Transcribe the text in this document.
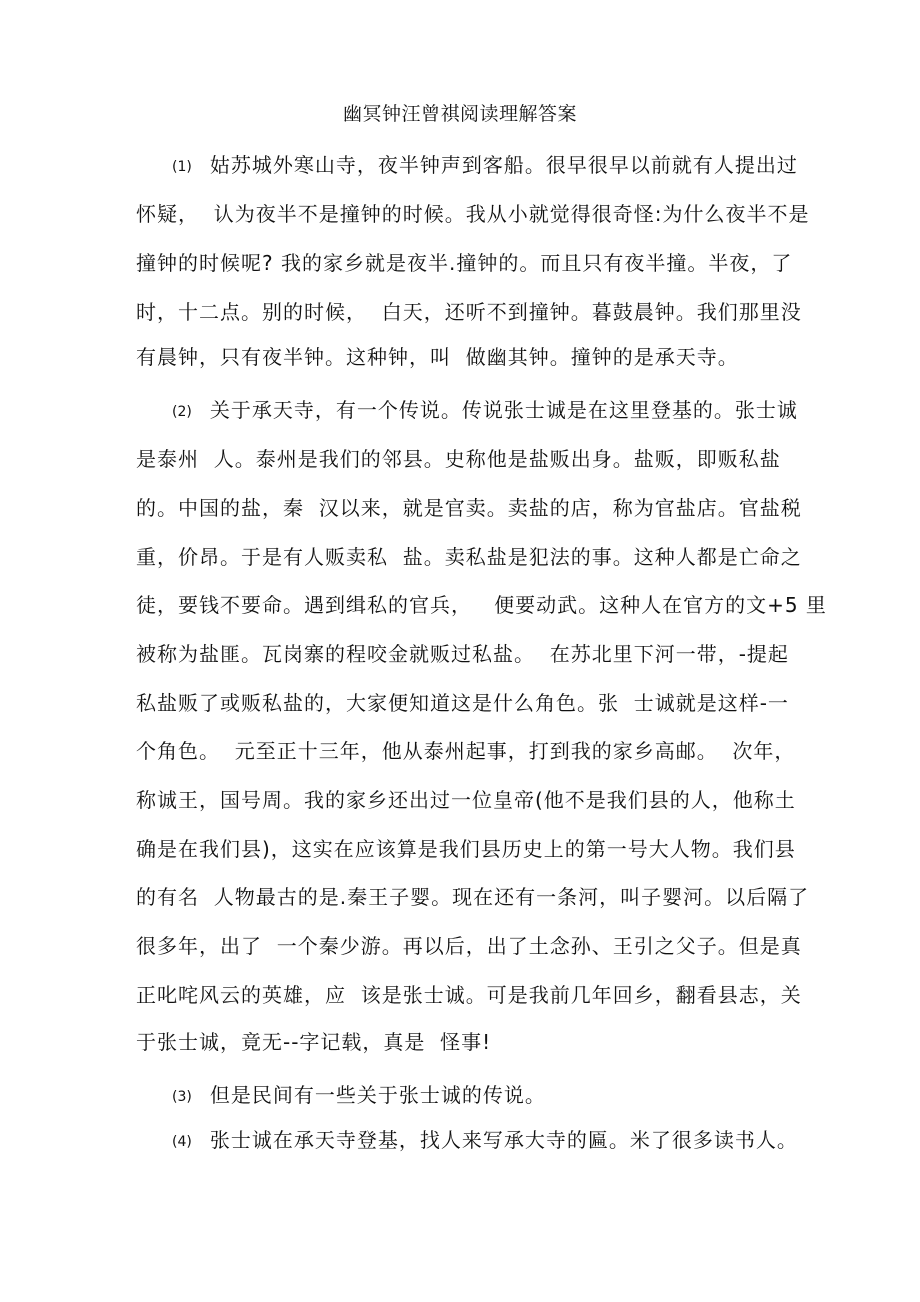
幽冥钟汪曾祺阅读理解答案
(1) 姑苏城外寒山寺，夜半钟声到客船。很早很早以前就有人提出过
怀疑，  认为夜半不是撞钟的时候。我从小就觉得很奇怪:为什么夜半不是
撞钟的时候呢? 我的家乡就是夜半.撞钟的。而且只有夜半撞。半夜，了
时，十二点。别的时候，  白天，还听不到撞钟。暮鼓晨钟。我们那里没
有晨钟，只有夜半钟。这种钟，叫  做幽其钟。撞钟的是承天寺。
(2) 关于承天寺，有一个传说。传说张士诚是在这里登基的。张士诚
是泰州  人。泰州是我们的邻县。史称他是盐贩出身。盐贩，即贩私盐
的。中国的盐，秦  汉以来，就是官卖。卖盐的店，称为官盐店。官盐税
重，价昂。于是有人贩卖私  盐。卖私盐是犯法的事。这种人都是亡命之
徒，要钱不要命。遇到缉私的官兵，   便要动武。这种人在官方的文+5 里
被称为盐匪。瓦岗寨的程咬金就贩过私盐。  在苏北里下河一带，-提起
私盐贩了或贩私盐的，大家便知道这是什么角色。张  士诚就是这样-一
个角色。  元至正十三年，他从泰州起事，打到我的家乡高邮。  次年，
称诚王，国号周。我的家乡还出过一位皇帝(他不是我们县的人，他称土
确是在我们县)，这实在应该算是我们县历史上的第一号大人物。我们县
的有名  人物最古的是.秦王子婴。现在还有一条河，叫子婴河。以后隔了
很多年，出了  一个秦少游。再以后，出了土念孙、王引之父子。但是真
正叱咤风云的英雄，应  该是张士诚。可是我前几年回乡，翻看县志，关
于张士诚，竟无--字记载，真是  怪事!
(3) 但是民间有一些关于张士诚的传说。
(4) 张士诚在承天寺登基，找人来写承大寺的匾。米了很多读书人。
